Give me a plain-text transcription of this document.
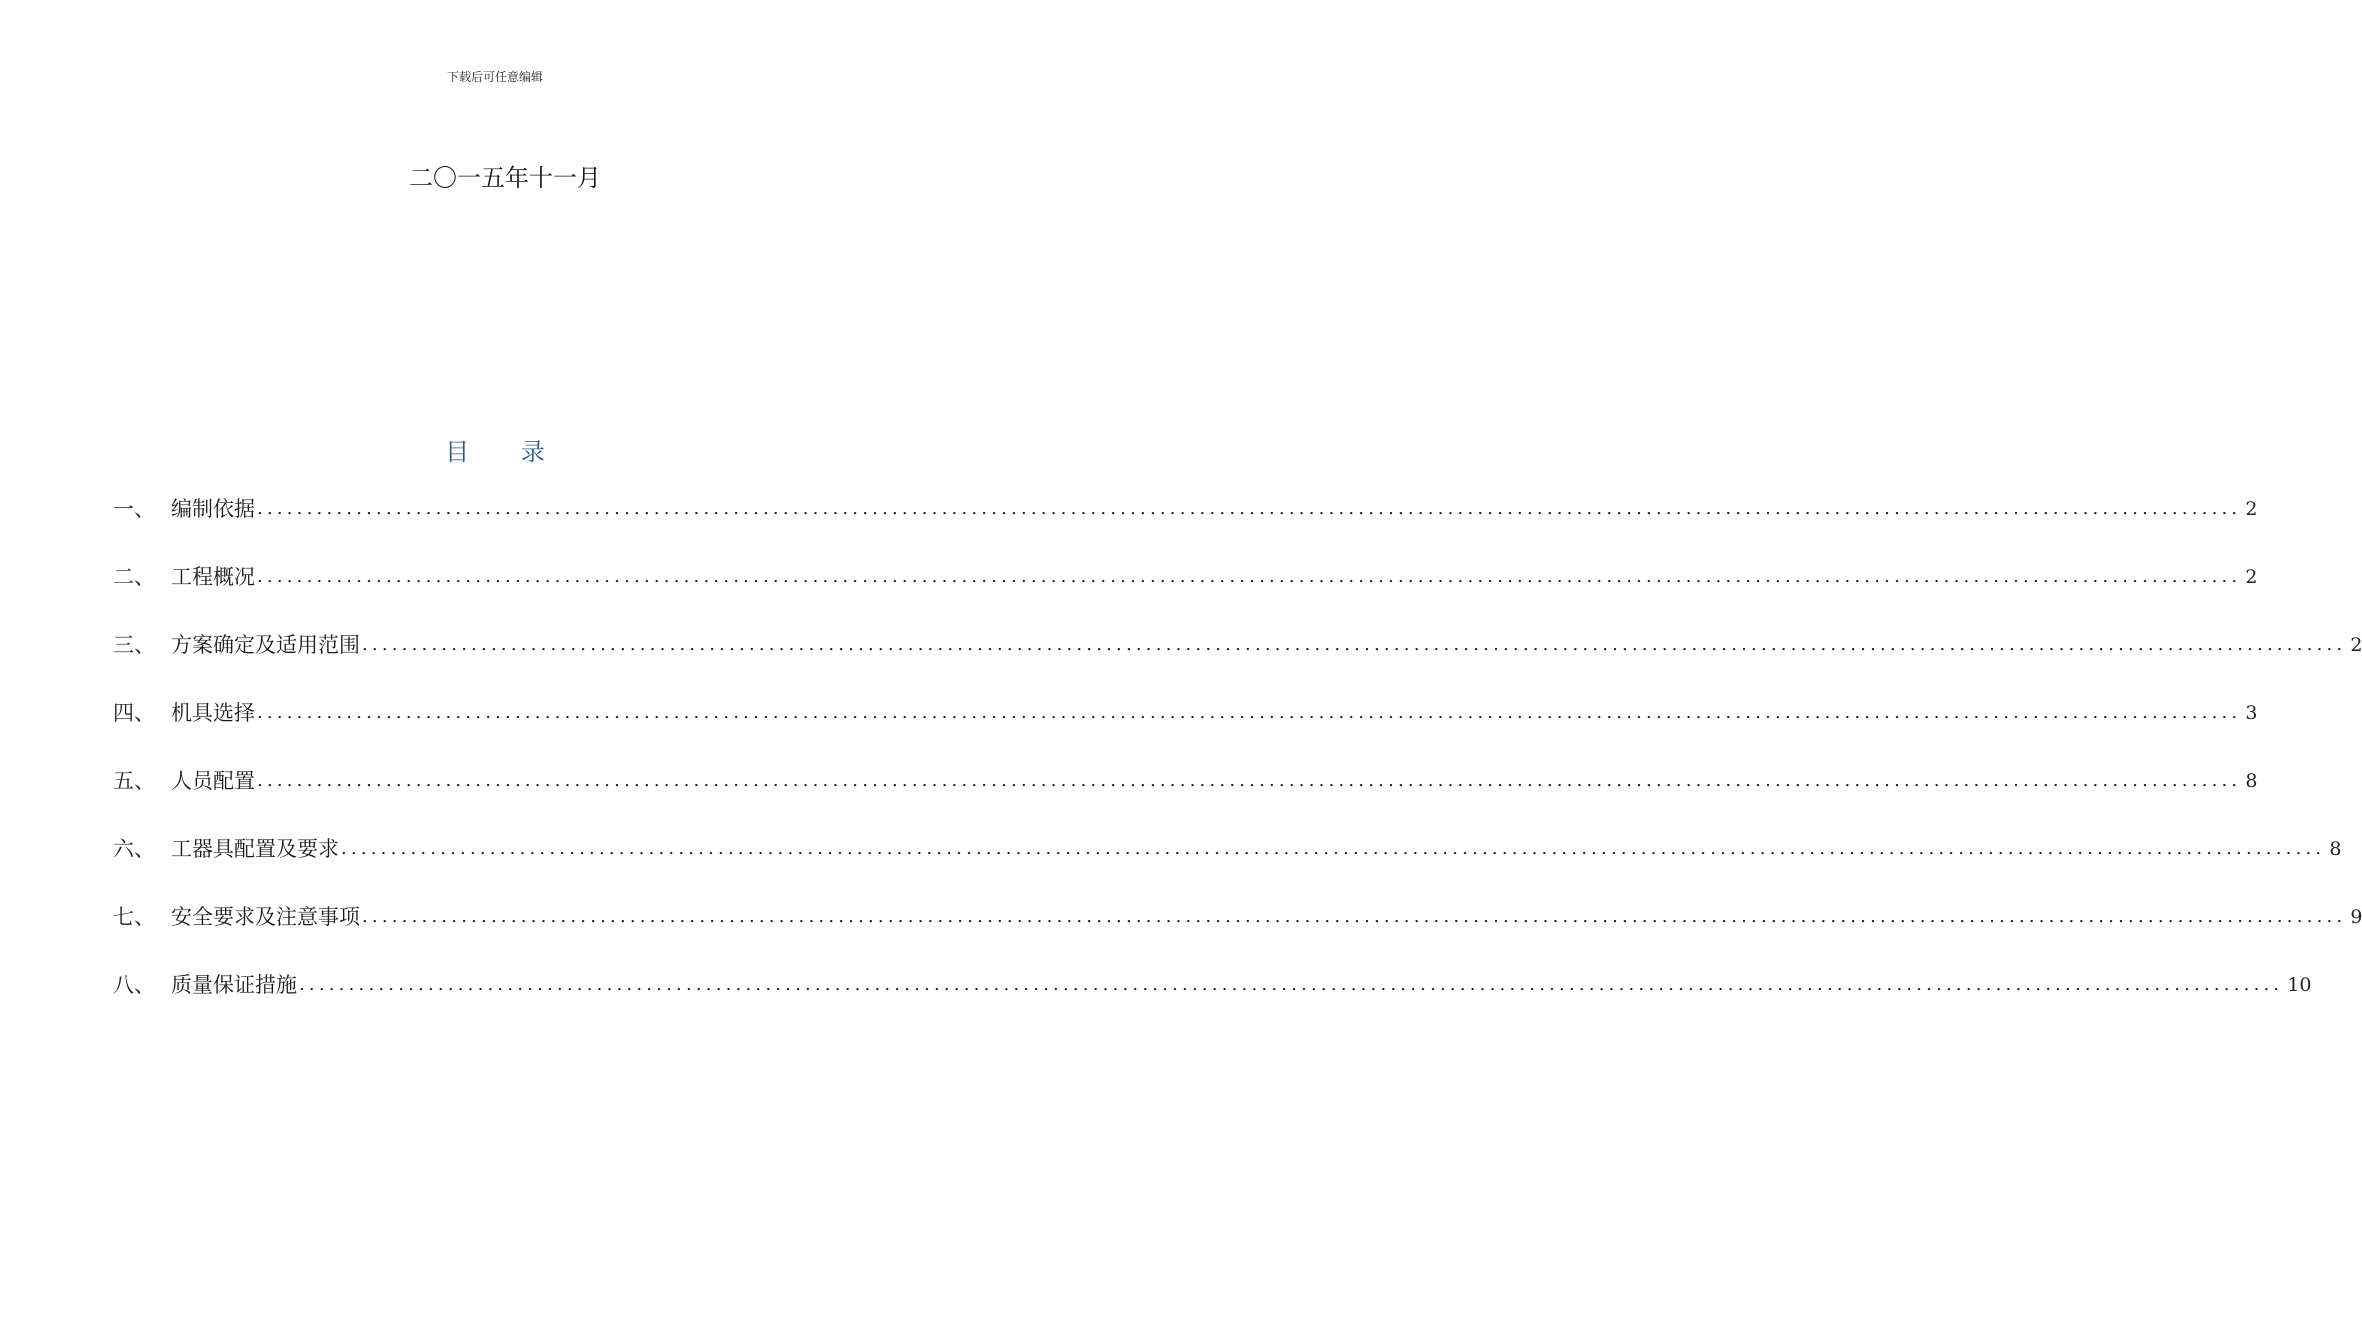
下载后可任意编辑
二〇一五年十一月
目 录
一、 编制依据 ........................................................................................................................................................................................................ 2
二、 工程概况 ........................................................................................................................................................................................................ 2
三、 方案确定及适用范围 ........................................................................................................................................................................................................ 2
四、 机具选择 ........................................................................................................................................................................................................ 3
五、 人员配置 ........................................................................................................................................................................................................ 8
六、 工器具配置及要求 ........................................................................................................................................................................................................ 8
七、 安全要求及注意事项 ........................................................................................................................................................................................................ 9
八、 质量保证措施 ........................................................................................................................................................................................................ 10
